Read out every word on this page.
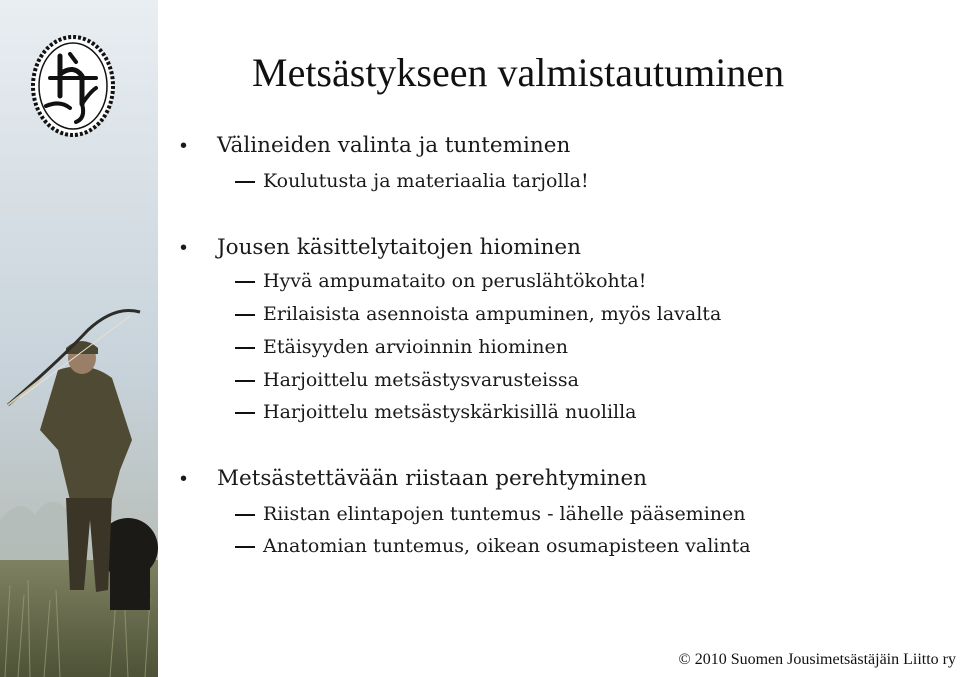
Metsästykseen valmistautuminen
• Välineiden valinta ja tunteminen
Koulutusta ja materiaalia tarjolla!
• Jousen käsittelytaitojen hiominen
Hyvä ampumataito on peruslähtökohta!
Erilaisista asennoista ampuminen, myös lavalta
Etäisyyden arvioinnin hiominen
Harjoittelu metsästysvarusteissa
Harjoittelu metsästyskärkisillä nuolilla
• Metsästettävään riistaan perehtyminen
Riistan elintapojen tuntemus - lähelle pääseminen
Anatomian tuntemus, oikean osumapisteen valinta
© 2010 Suomen Jousimetsästäjäin Liitto ry
